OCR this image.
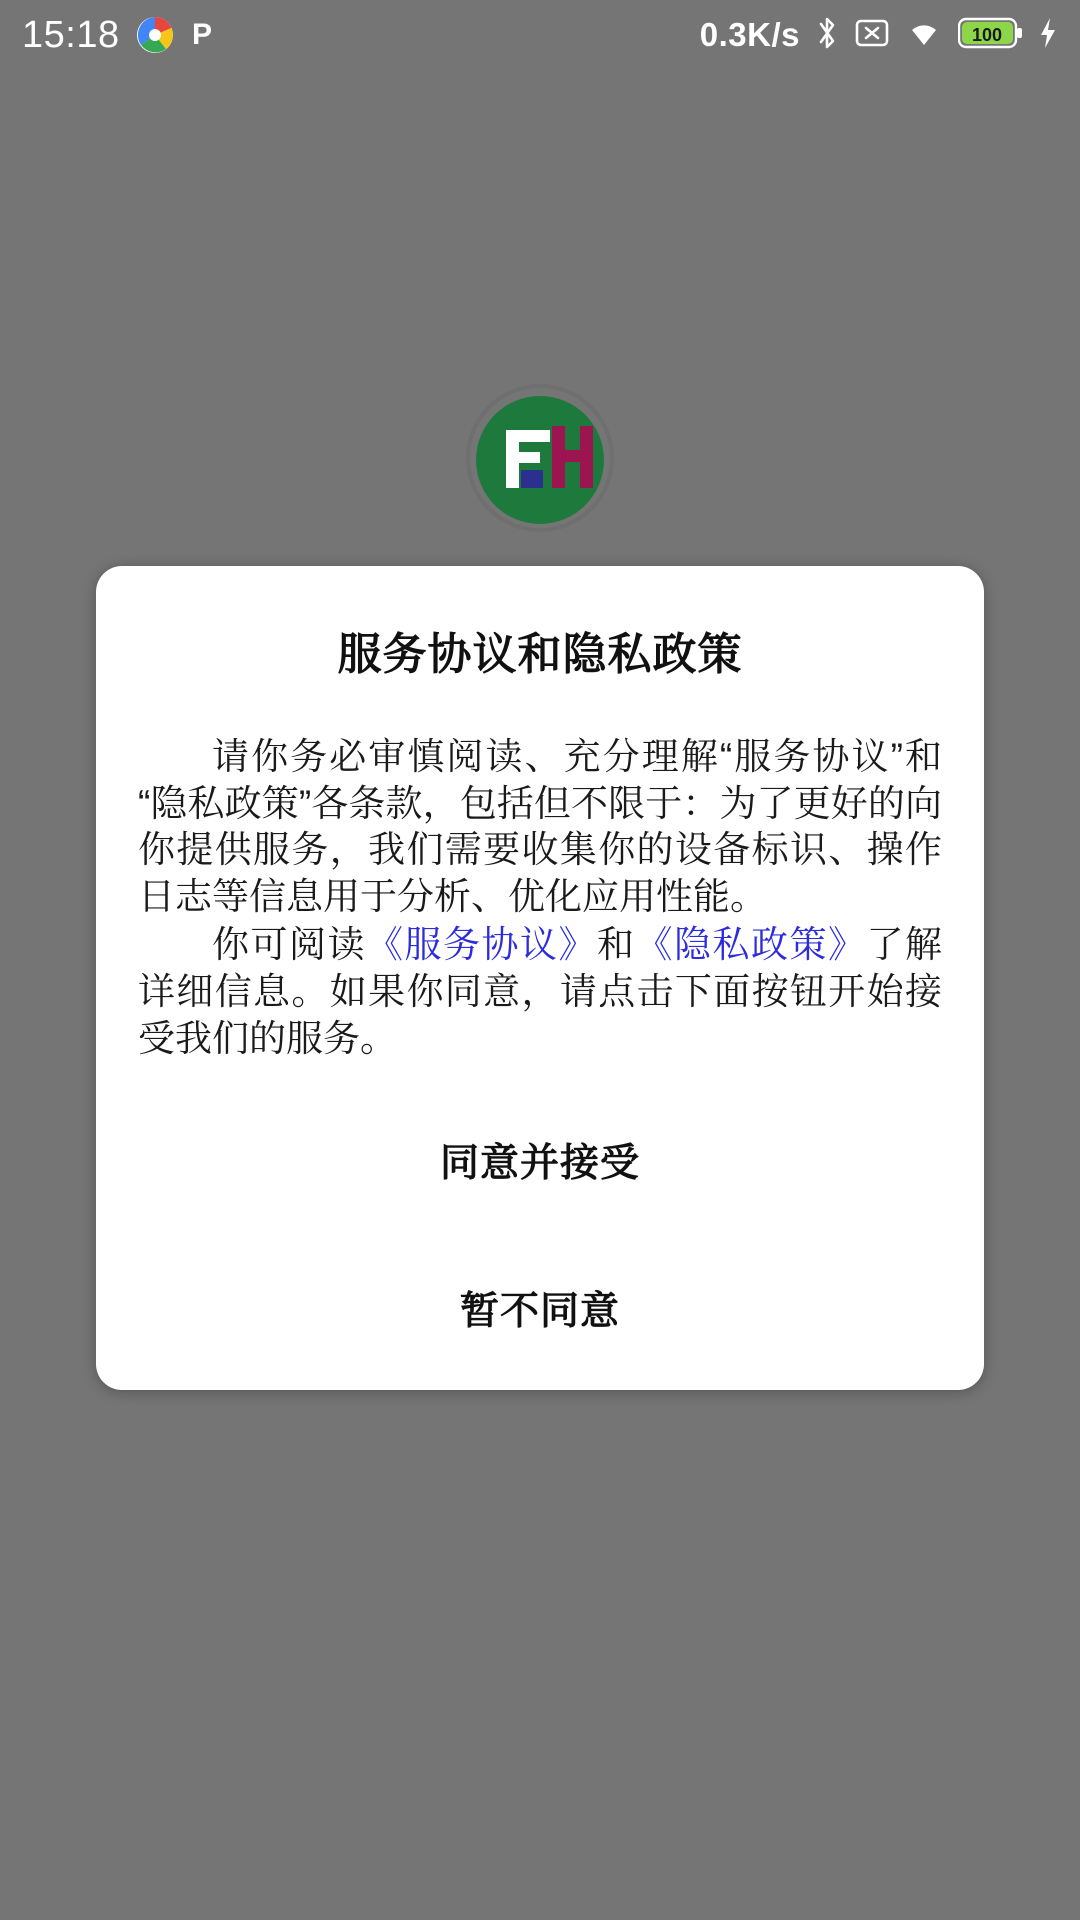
15:18 P	0.3K/s	100
服务协议和隐私政策

请你务必审慎阅读、充分理解“服务协议”和“隐私政策”各条款，包括但不限于：为了更好的向你提供服务，我们需要收集你的设备标识、操作日志等信息用于分析、优化应用性能。

你可阅读《服务协议》和《隐私政策》了解详细信息。如果你同意，请点击下面按钮开始接受我们的服务。

同意并接受
暂不同意
